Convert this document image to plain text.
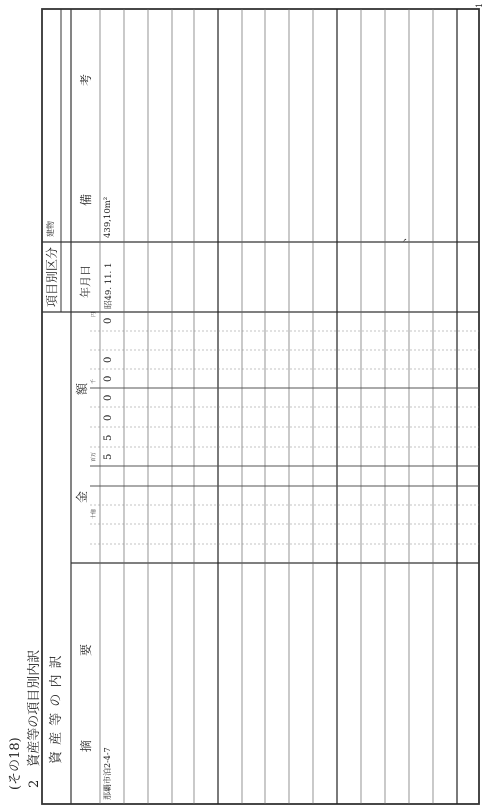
(その18) 2　資産等の項目別内訳 資 産 等 の 内 訳
項目別区分
建物
摘　　　　　　　要
金　　　　　　　　額
年月日
備　　　　　　　　　考
十億
百万
千
円
那覇市泊2-4-7
5
5
0
0
0
0
0
昭49. 11. 1
439,10m²	、
1
